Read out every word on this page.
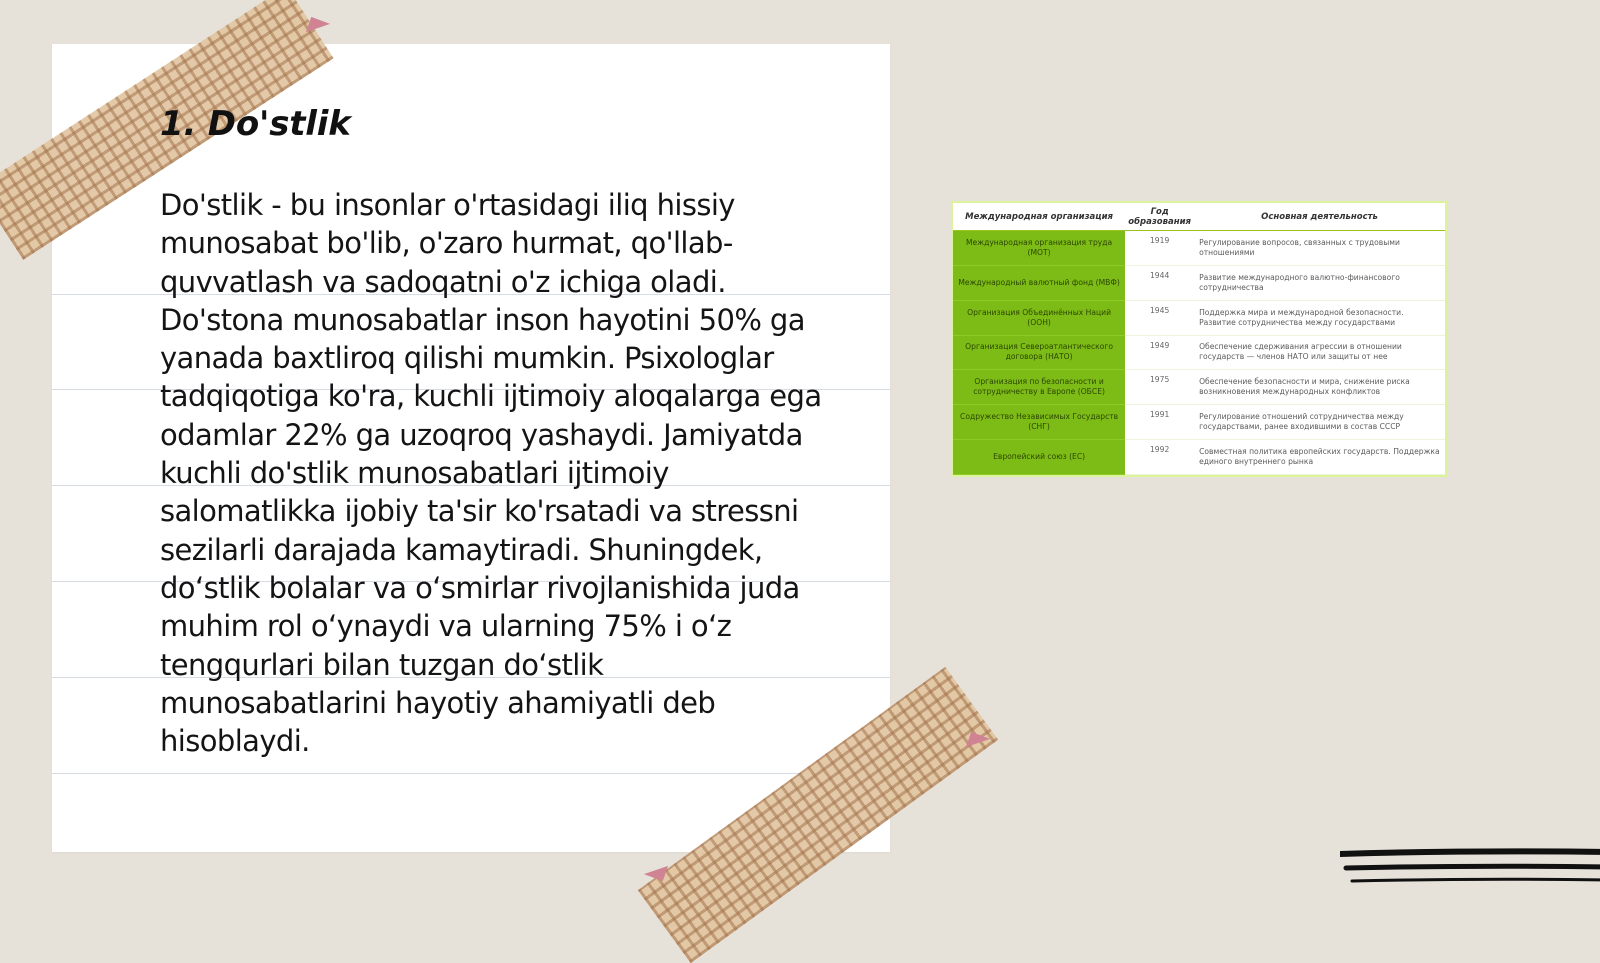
1. Do'stlik

Do'stlik - bu insonlar o'rtasidagi iliq hissiy munosabat bo'lib, o'zaro hurmat, qo'llab-quvvatlash va sadoqatni o'z ichiga oladi. Do'stona munosabatlar inson hayotini 50% ga yanada baxtliroq qilishi mumkin. Psixologlar tadqiqotiga ko'ra, kuchli ijtimoiy aloqalarga ega odamlar 22% ga uzoqroq yashaydi. Jamiyatda kuchli do'stlik munosabatlari ijtimoiy salomatlikka ijobiy ta'sir ko'rsatadi va stressni sezilarli darajada kamaytiradi. Shuningdek, do‘stlik bolalar va o‘smirlar rivojlanishida juda muhim rol o‘ynaydi va ularning 75% i o‘z tengqurlari bilan tuzgan do‘stlik munosabatlarini hayotiy ahamiyatli deb hisoblaydi.

Международная организация	Год образования	Основная деятельность
Международная организация труда (МОТ)	1919	Регулирование вопросов, связанных с трудовыми отношениями
Международный валютный фонд (МВФ)	1944	Развитие международного валютно-финансового сотрудничества
Организация Объединённых Наций (ООН)	1945	Поддержка мира и международной безопасности. Развитие сотрудничества между государствами
Организация Североатлантического договора (НАТО)	1949	Обеспечение сдерживания агрессии в отношении государств — членов НАТО или защиты от нее
Организация по безопасности и сотрудничеству в Европе (ОБСЕ)	1975	Обеспечение безопасности и мира, снижение риска возникновения международных конфликтов
Содружество Независимых Государств (СНГ)	1991	Регулирование отношений сотрудничества между государствами, ранее входившими в состав СССР
Европейский союз (ЕС)	1992	Совместная политика европейских государств. Поддержка единого внутреннего рынка
